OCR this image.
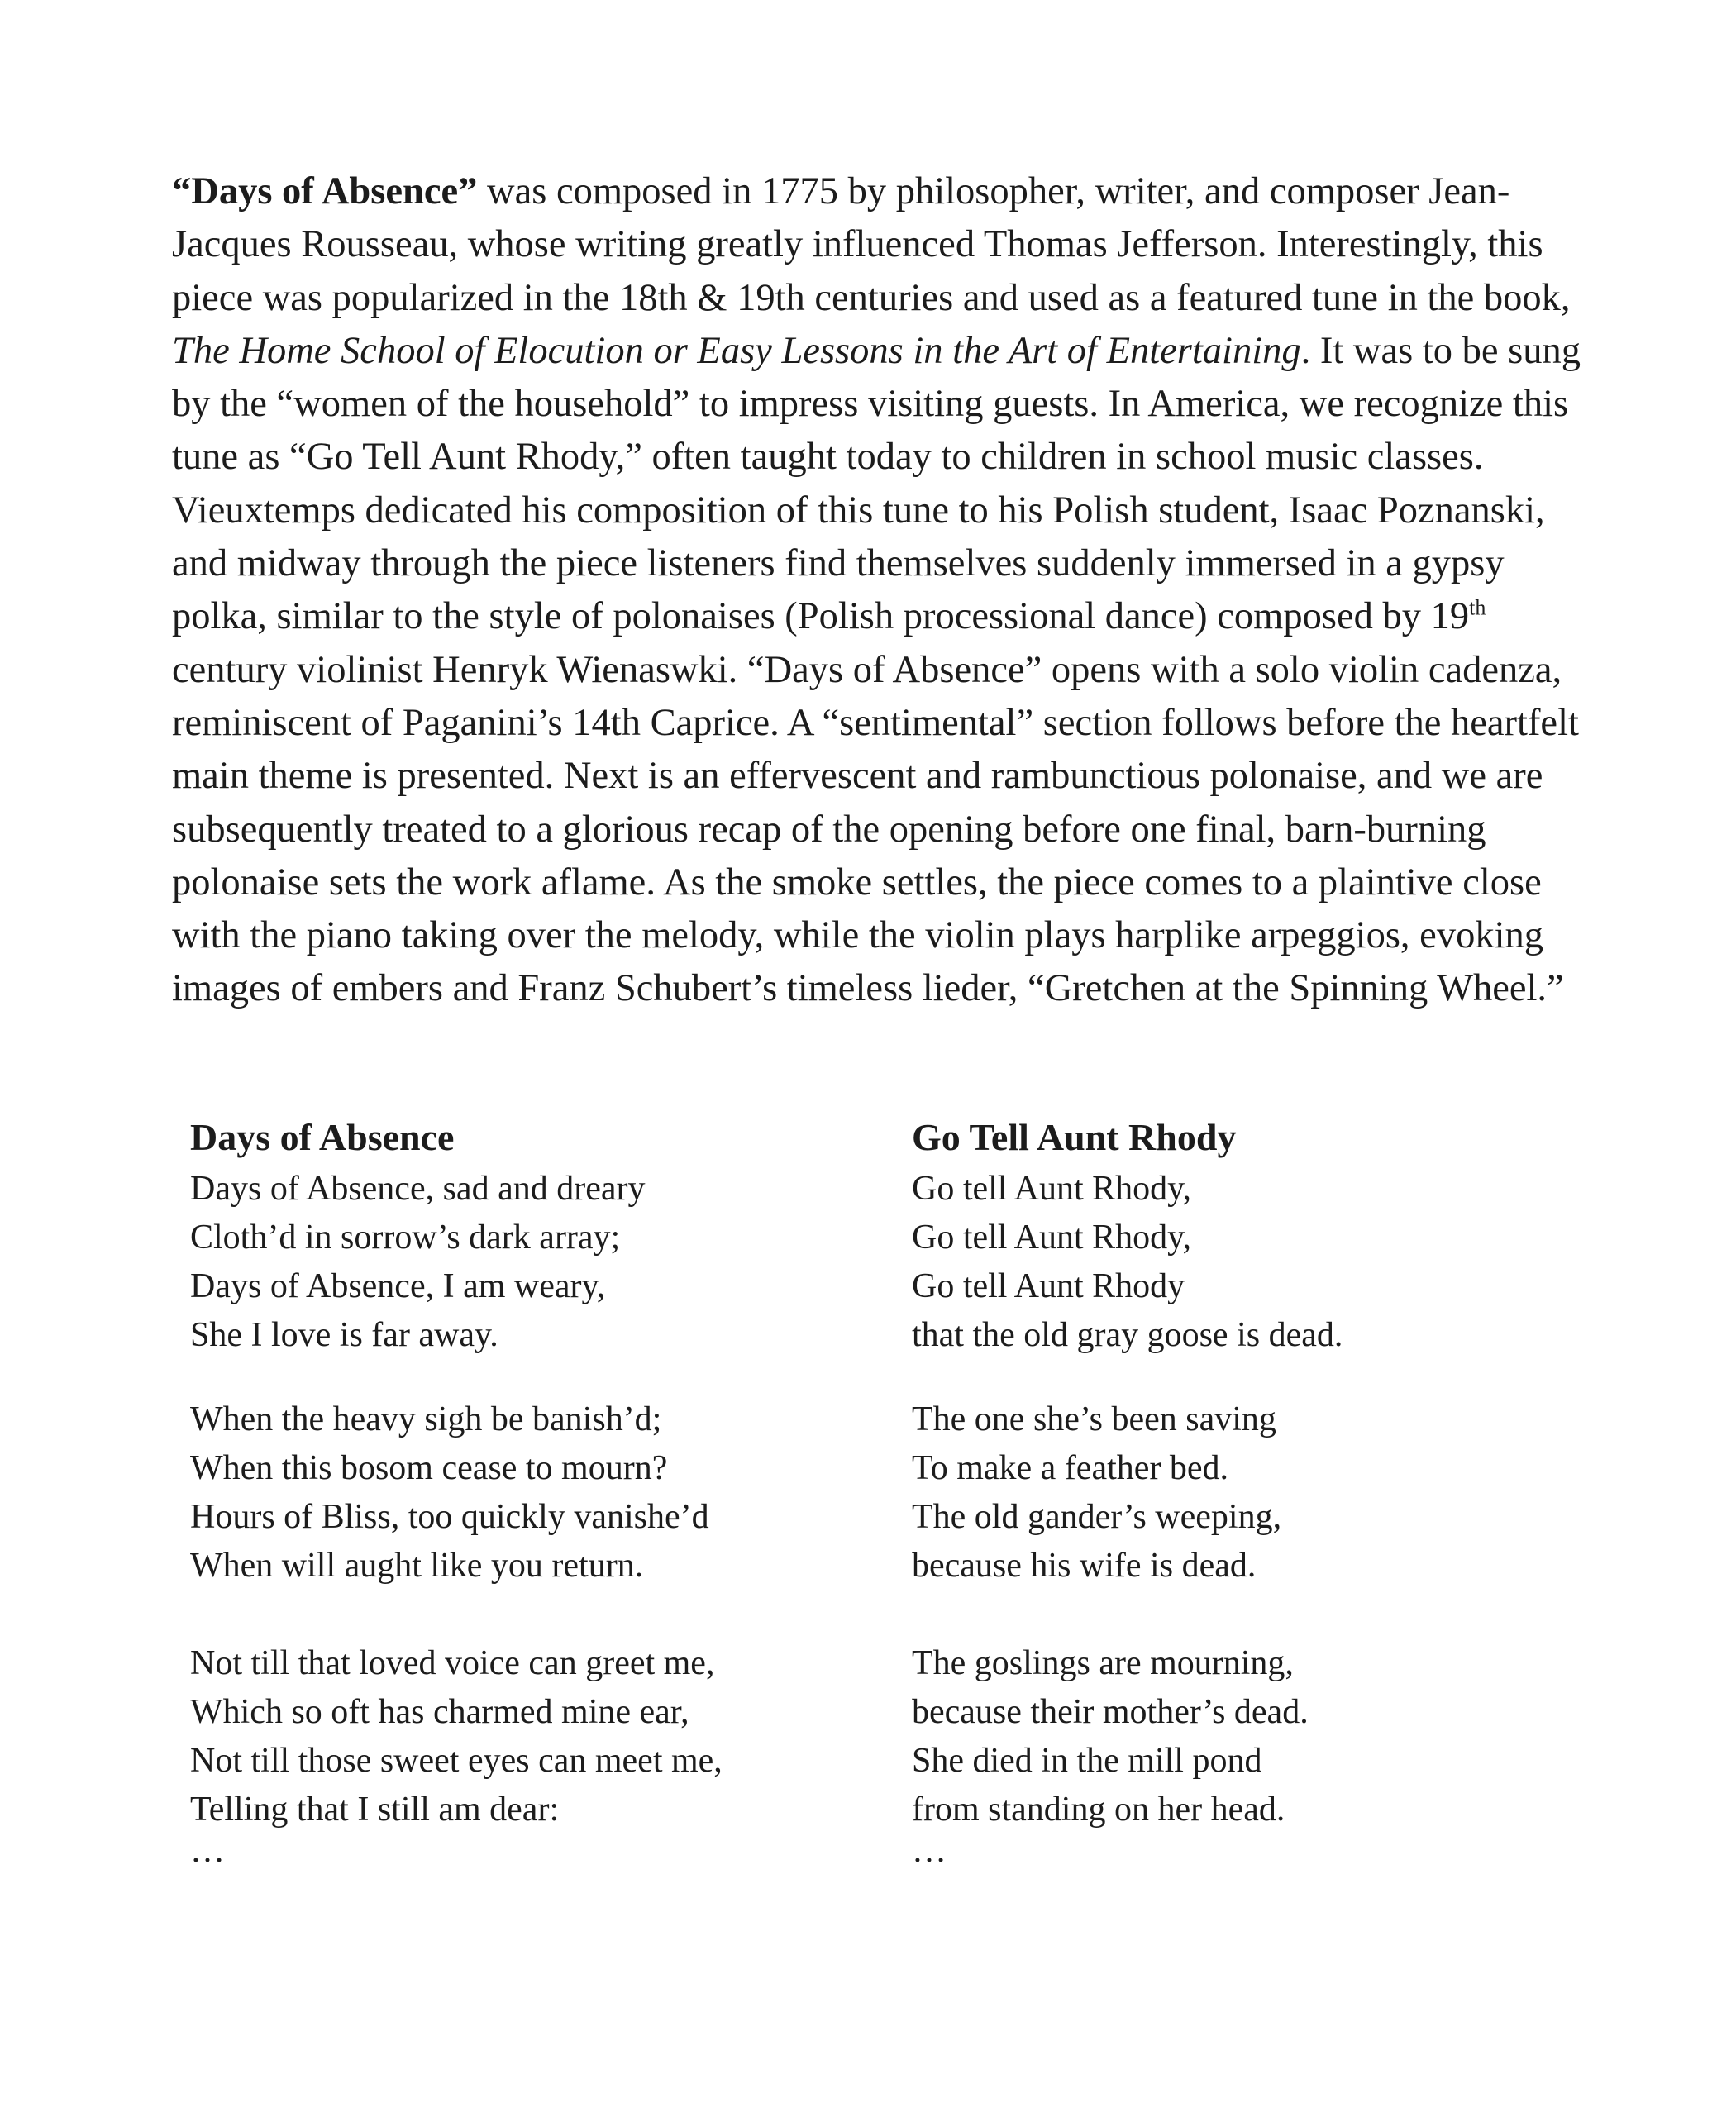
“Days of Absence” was composed in 1775 by philosopher, writer, and composer Jean-Jacques Rousseau, whose writing greatly influenced Thomas Jefferson. Interestingly, this piece was popularized in the 18th & 19th centuries and used as a featured tune in the book, The Home School of Elocution or Easy Lessons in the Art of Entertaining. It was to be sung by the “women of the household” to impress visiting guests. In America, we recognize this tune as “Go Tell Aunt Rhody,” often taught today to children in school music classes. Vieuxtemps dedicated his composition of this tune to his Polish student, Isaac Poznanski, and midway through the piece listeners find themselves suddenly immersed in a gypsy polka, similar to the style of polonaises (Polish processional dance) composed by 19th century violinist Henryk Wienaswki. “Days of Absence” opens with a solo violin cadenza, reminiscent of Paganini’s 14th Caprice. A “sentimental” section follows before the heartfelt main theme is presented. Next is an effervescent and rambunctious polonaise, and we are subsequently treated to a glorious recap of the opening before one final, barn-burning polonaise sets the work aflame. As the smoke settles, the piece comes to a plaintive close with the piano taking over the melody, while the violin plays harplike arpeggios, evoking images of embers and Franz Schubert’s timeless lieder, “Gretchen at the Spinning Wheel.”

Days of Absence
Days of Absence, sad and dreary
Cloth’d in sorrow’s dark array;
Days of Absence, I am weary,
She I love is far away.
When the heavy sigh be banish’d;
When this bosom cease to mourn?
Hours of Bliss, too quickly vanishe’d
When will aught like you return.
Not till that loved voice can greet me,
Which so oft has charmed mine ear,
Not till those sweet eyes can meet me,
Telling that I still am dear:
…
Go Tell Aunt Rhody
Go tell Aunt Rhody,
Go tell Aunt Rhody,
Go tell Aunt Rhody
that the old gray goose is dead.
The one she’s been saving
To make a feather bed.
The old gander’s weeping,
because his wife is dead.
The goslings are mourning,
because their mother’s dead.
She died in the mill pond
from standing on her head.
…
